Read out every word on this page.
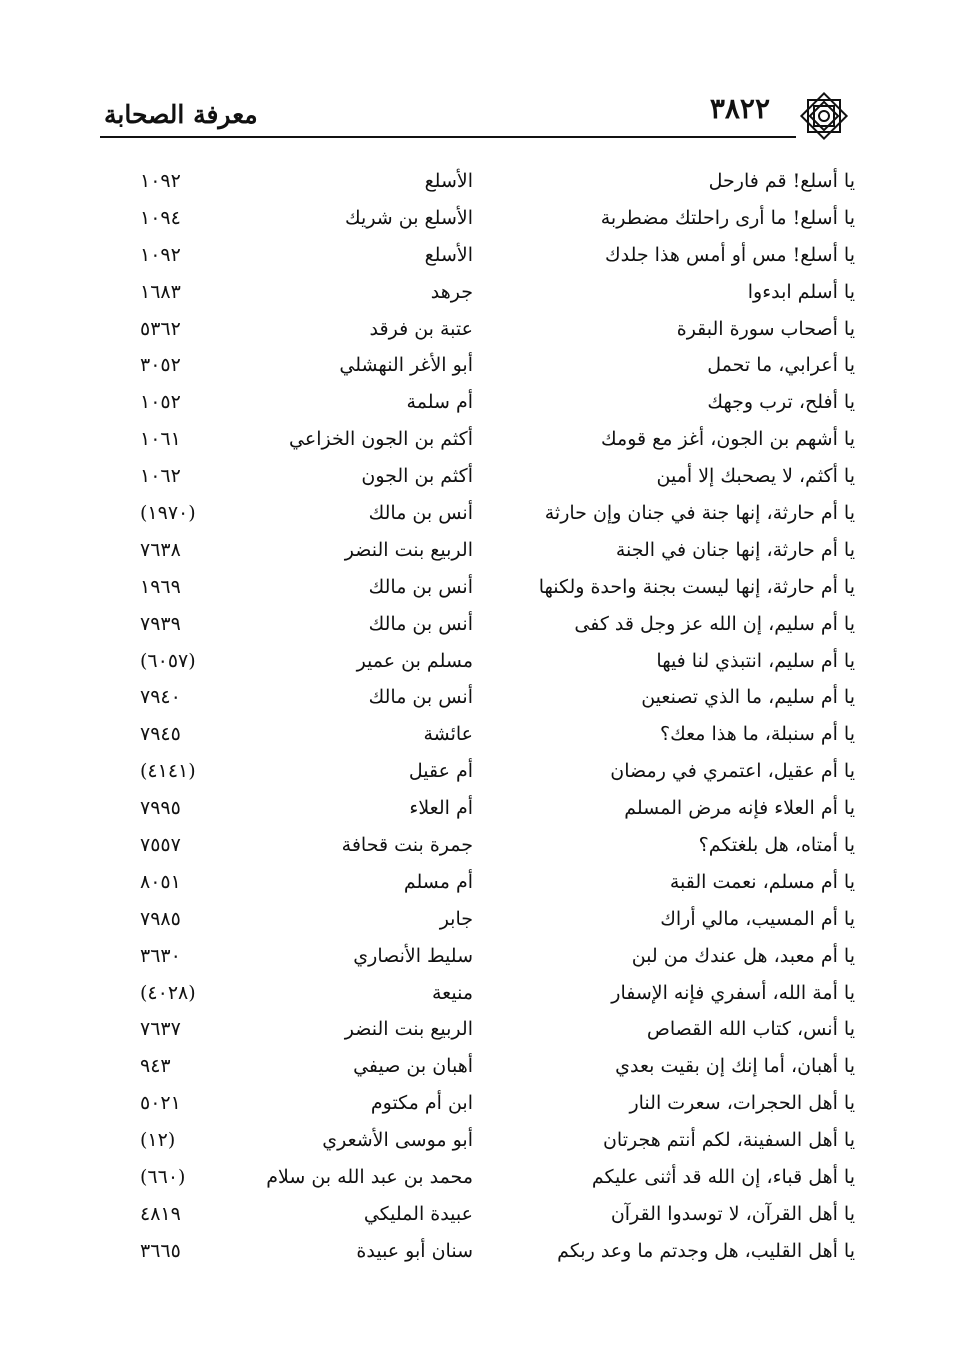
معرفة الصحابة	٣٨٢٢
يا أسلع! قم فارحل
الأسلع
١٠٩٢
يا أسلع! ما أرى راحلتك مضطربة
الأسلع بن شريك
١٠٩٤
يا أسلع! مس أو أمس هذا جلدك
الأسلع
١٠٩٢
يا أسلم ابدءوا
جرهد
١٦٨٣
يا أصحاب سورة البقرة
عتبة بن فرقد
٥٣٦٢
يا أعرابي، ما تحمل
أبو الأغر النهشلي
٣٠٥٢
يا أفلح، ترب وجهك
أم سلمة
١٠٥٢
يا أشهم بن الجون، أغز مع قومك
أكثم بن الجون الخزاعي
١٠٦١
يا أكثم، لا يصحبك إلا أمين
أكثم بن الجون
١٠٦٢
يا أم حارثة، إنها جنة في جنان وإن حارثة
أنس بن مالك
(١٩٧٠)
يا أم حارثة، إنها جنان في الجنة
الربيع بنت النضر
٧٦٣٨
يا أم حارثة، إنها ليست بجنة واحدة ولكنها
أنس بن مالك
١٩٦٩
يا أم سليم، إن الله عز وجل قد كفى
أنس بن مالك
٧٩٣٩
يا أم سليم، انتبذي لنا فيها
مسلم بن عمير
(٦٠٥٧)
يا أم سليم، ما الذي تصنعين
أنس بن مالك
٧٩٤٠
يا أم سنبلة، ما هذا معك؟
عائشة
٧٩٤٥
يا أم عقيل، اعتمري في رمضان
أم عقيل
(٤١٤١)
يا أم العلاء فإنه مرض المسلم
أم العلاء
٧٩٩٥
يا أمتاه، هل بلغتكم؟
جمرة بنت قحافة
٧٥٥٧
يا أم مسلم، نعمت القبة
أم مسلم
٨٠٥١
يا أم المسيب، مالي أراك
جابر
٧٩٨٥
يا أم معبد، هل عندك من لبن
سليط الأنصاري
٣٦٣٠
يا أمة الله، أسفري فإنه الإسفار
منيعة
(٤٠٢٨)
يا أنس، كتاب الله القصاص
الربيع بنت النضر
٧٦٣٧
يا أهبان، أما إنك إن بقيت بعدي
أهبان بن صيفي
٩٤٣
يا أهل الحجرات، سعرت النار
ابن أم مكتوم
٥٠٢١
يا أهل السفينة، لكم أنتم هجرتان
أبو موسى الأشعري
(١٢)
يا أهل قباء، إن الله قد أثنى عليكم
محمد بن عبد الله بن سلام
(٦٦٠)
يا أهل القرآن، لا توسدوا القرآن
عبيدة المليكي
٤٨١٩
يا أهل القليب، هل وجدتم ما وعد ربكم
سنان أبو عبيدة
٣٦٦٥
